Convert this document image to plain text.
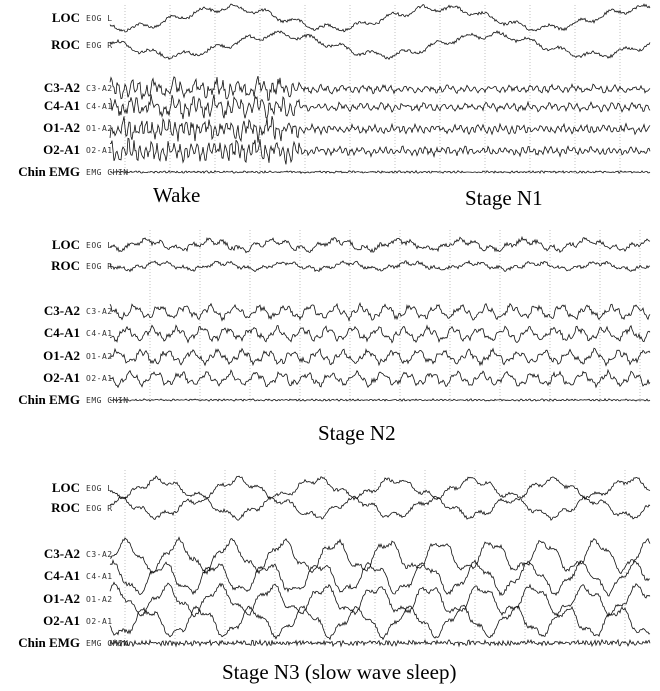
LOC
ROC
C3-A2
C4-A1
O1-A2
O2-A1
Chin EMG
EOG L
EOG R
C3-A2
C4-A1
O1-A2
O2-A1
EMG CHIN
Wake	Stage N1
LOC
ROC
C3-A2
C4-A1
O1-A2
O2-A1
Chin EMG
EOG L
EOG R
C3-A2
C4-A1
O1-A2
O2-A1
EMG CHIN
Stage N2
LOC
ROC
C3-A2
C4-A1
O1-A2
O2-A1
Chin EMG
EOG L
EOG R
C3-A2
C4-A1
O1-A2
O2-A1
EMG CHIN
Stage N3 (slow wave sleep)
